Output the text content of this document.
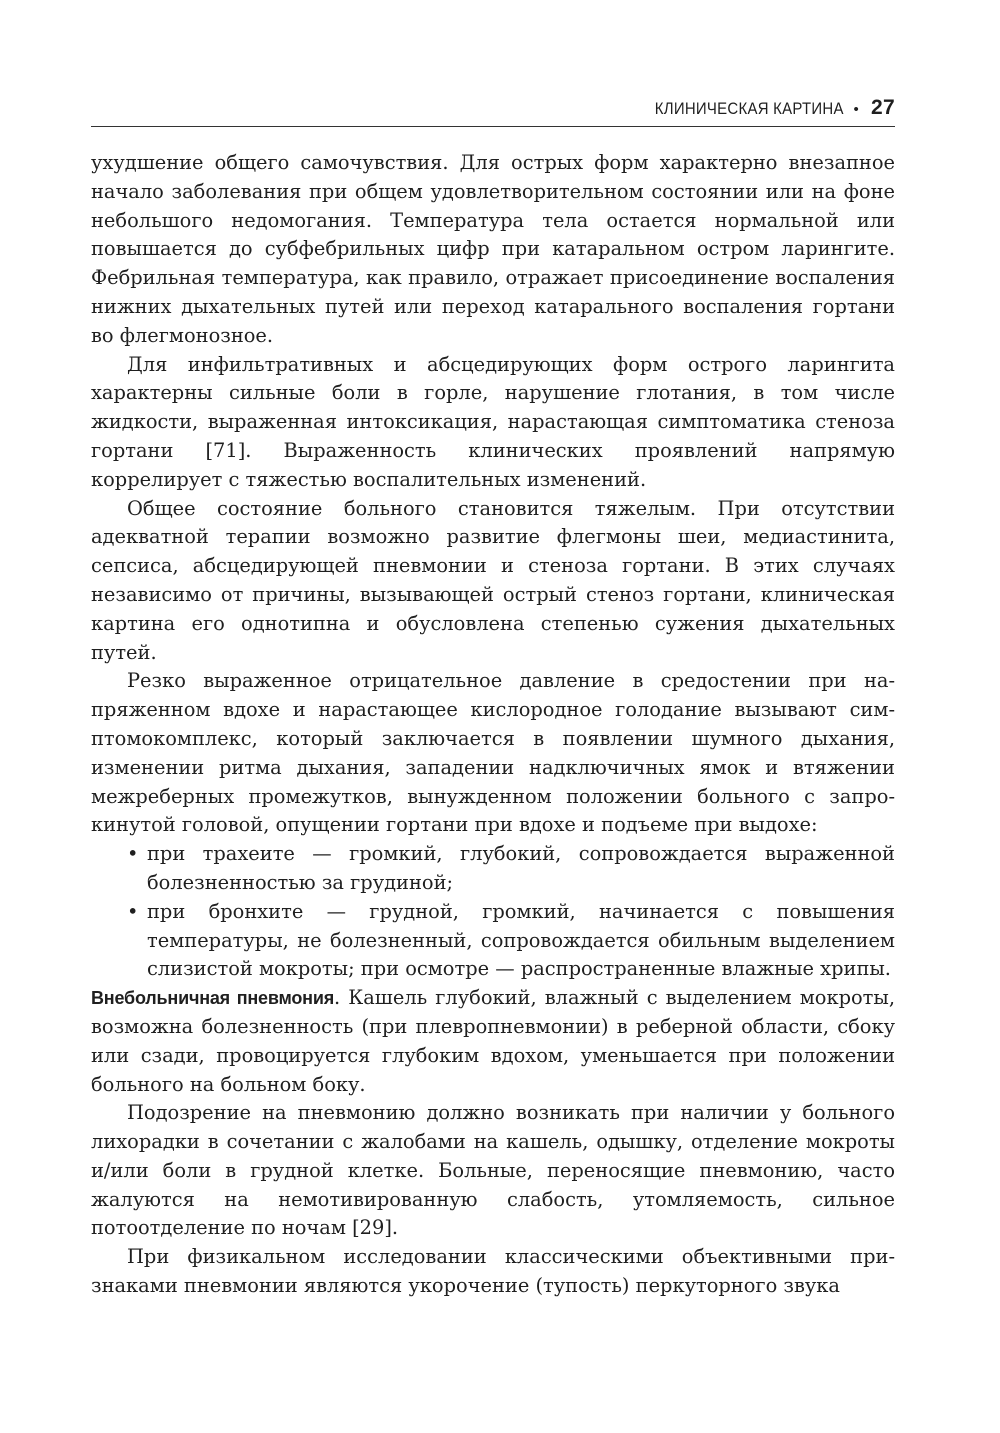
КЛИНИЧЕСКАЯ КАРТИНА • 27

ухудшение общего самочувствия. Для острых форм характерно внезапное начало заболевания при общем удовлетворительном состоянии или на фоне небольшого недомогания. Температура тела остается нормальной или повышается до субфебрильных цифр при катаральном остром ларингите. Фебрильная температура, как правило, отражает присоединение воспаления нижних дыхательных путей или переход катарального воспаления гортани во флегмонозное.

Для инфильтративных и абсцедирующих форм острого ларингита характерны сильные боли в горле, нарушение глотания, в том числе жидкости, выраженная интоксикация, нарастающая симптоматика стеноза гортани [71]. Выраженность клинических проявлений напрямую коррелирует с тяжестью воспалительных изменений.

Общее состояние больного становится тяжелым. При отсутствии адекватной терапии возможно развитие флегмоны шеи, медиастинита, сепсиса, абсцедирующей пневмонии и стеноза гортани. В этих случаях независимо от причины, вызывающей острый стеноз гортани, клиническая картина его однотипна и обусловлена степенью сужения дыхательных путей.

Резко выраженное отрицательное давление в средостении при напряженном вдохе и нарастающее кислородное голодание вызывают симптомокомплекс, который заключается в появлении шумного дыхания, изменении ритма дыхания, западении надключичных ямок и втяжении межреберных промежутков, вынужденном положении больного с запрокинутой головой, опущении гортани при вдохе и подъеме при выдохе:

• при трахеите — громкий, глубокий, сопровождается выраженной болезненностью за грудиной;
• при бронхите — грудной, громкий, начинается с повышения температуры, не болезненный, сопровождается обильным выделением слизистой мокроты; при осмотре — распространенные влажные хрипы.

Внебольничная пневмония. Кашель глубокий, влажный с выделением мокроты, возможна болезненность (при плевропневмонии) в реберной области, сбоку или сзади, провоцируется глубоким вдохом, уменьшается при положении больного на больном боку.

Подозрение на пневмонию должно возникать при наличии у больного лихорадки в сочетании с жалобами на кашель, одышку, отделение мокроты и/или боли в грудной клетке. Больные, переносящие пневмонию, часто жалуются на немотивированную слабость, утомляемость, сильное потоотделение по ночам [29].

При физикальном исследовании классическими объективными признаками пневмонии являются укорочение (тупость) перкуторного звука
